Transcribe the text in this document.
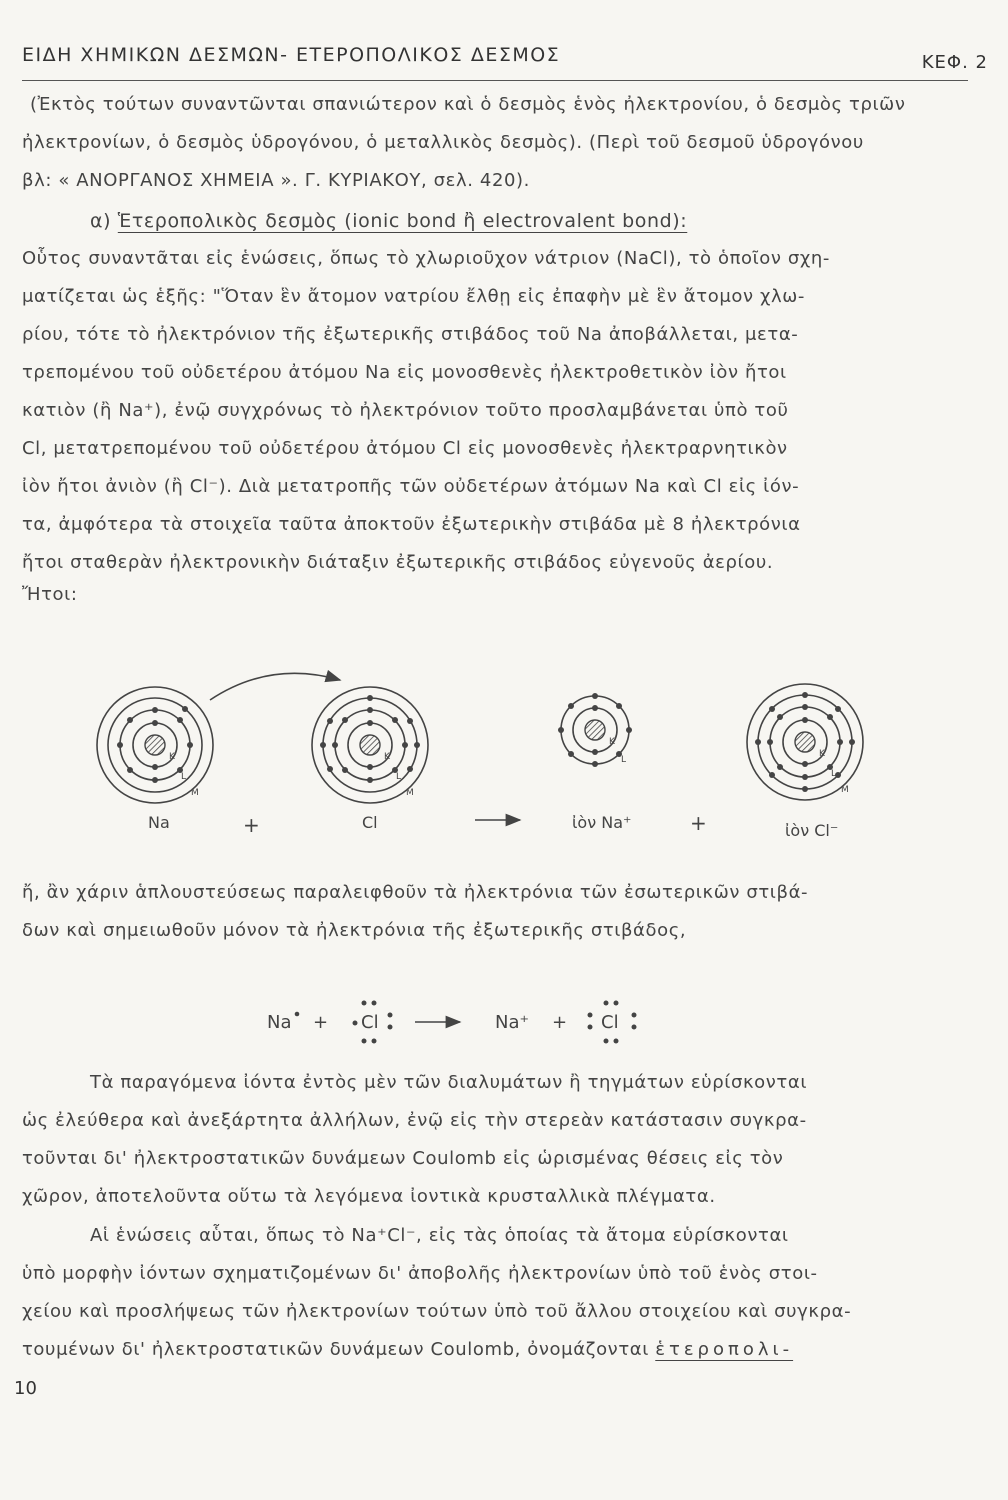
ΕΙΔΗ ΧΗΜΙΚΩΝ ΔΕΣΜΩΝ- ΕΤΕΡΟΠΟΛΙΚΟΣ ΔΕΣΜΟΣ	ΚΕΦ. 2
(Ἐκτὸς τούτων συναντῶνται σπανιώτερον καὶ ὁ δεσμὸς ἑνὸς ἠλεκτρονίου, ὁ δεσμὸς τριῶν
ἠλεκτρονίων, ὁ δεσμὸς ὑδρογόνου, ὁ μεταλλικὸς δεσμὸς). (Περὶ τοῦ δεσμοῦ ὑδρογόνου
βλ: « ΑΝΟΡΓΑΝΟΣ ΧΗΜΕΙΑ ». Γ. ΚΥΡΙΑΚΟΥ, σελ. 420).
α) Ἑτεροπολικὸς δεσμὸς (ionic bond ἢ electrovalent bond):
Οὗτος συναντᾶται εἰς ἑνώσεις, ὅπως τὸ χλωριοῦχον νάτριον (NaCl), τὸ ὁποῖον σχη-
ματίζεται ὡς ἑξῆς: "Ὅταν ἓν ἄτομον νατρίου ἔλθῃ εἰς ἐπαφὴν μὲ ἓν ἄτομον χλω-
ρίου, τότε τὸ ἠλεκτρόνιον τῆς ἐξωτερικῆς στιβάδος τοῦ Na ἀποβάλλεται, μετα-
τρεπομένου τοῦ οὐδετέρου ἀτόμου Na εἰς μονοσθενὲς ἠλεκτροθετικὸν ἰὸν ἤτοι
κατιὸν (ἢ Na⁺), ἐνῷ συγχρόνως τὸ ἠλεκτρόνιον τοῦτο προσλαμβάνεται ὑπὸ τοῦ
Cl, μετατρεπομένου τοῦ οὐδετέρου ἀτόμου Cl εἰς μονοσθενὲς ἠλεκτραρνητικὸν
ἰὸν ἤτοι ἀνιὸν (ἢ Cl⁻). Διὰ μετατροπῆς τῶν οὐδετέρων ἀτόμων Na καὶ Cl εἰς ἰόν-
τα, ἀμφότερα τὰ στοιχεῖα ταῦτα ἀποκτοῦν ἐξωτερικὴν στιβάδα μὲ 8 ἠλεκτρόνια
ἤτοι σταθερὰν ἠλεκτρονικὴν διάταξιν ἐξωτερικῆς στιβάδος εὐγενοῦς ἀερίου.
Ἤτοι:
K
L
M
K
L
M
K
L
K
L
M
Na	+	Cl	ἰὸν Na⁺	+	ἰὸν Cl⁻
ἤ, ἂν χάριν ἁπλουστεύσεως παραλειφθοῦν τὰ ἠλεκτρόνια τῶν ἐσωτερικῶν στιβά-
δων καὶ σημειωθοῦν μόνον τὰ ἠλεκτρόνια τῆς ἐξωτερικῆς στιβάδος,
Na + Cl	Na⁺ + Cl
Τὰ παραγόμενα ἰόντα ἐντὸς μὲν τῶν διαλυμάτων ἢ τηγμάτων εὑρίσκονται
ὡς ἐλεύθερα καὶ ἀνεξάρτητα ἀλλήλων, ἐνῷ εἰς τὴν στερεὰν κατάστασιν συγκρα-
τοῦνται δι' ἠλεκτροστατικῶν δυνάμεων Coulomb εἰς ὡρισμένας θέσεις εἰς τὸν
χῶρον, ἀποτελοῦντα οὕτω τὰ λεγόμενα ἰοντικὰ κρυσταλλικὰ πλέγματα.
Αἱ ἑνώσεις αὗται, ὅπως τὸ Na⁺Cl⁻, εἰς τὰς ὁποίας τὰ ἄτομα εὑρίσκονται
ὑπὸ μορφὴν ἰόντων σχηματιζομένων δι' ἀποβολῆς ἠλεκτρονίων ὑπὸ τοῦ ἑνὸς στοι-
χείου καὶ προσλήψεως τῶν ἠλεκτρονίων τούτων ὑπὸ τοῦ ἄλλου στοιχείου καὶ συγκρα-
τουμένων δι' ἠλεκτροστατικῶν δυνάμεων Coulomb, ὀνομάζονται ἑτεροπολι-
10
